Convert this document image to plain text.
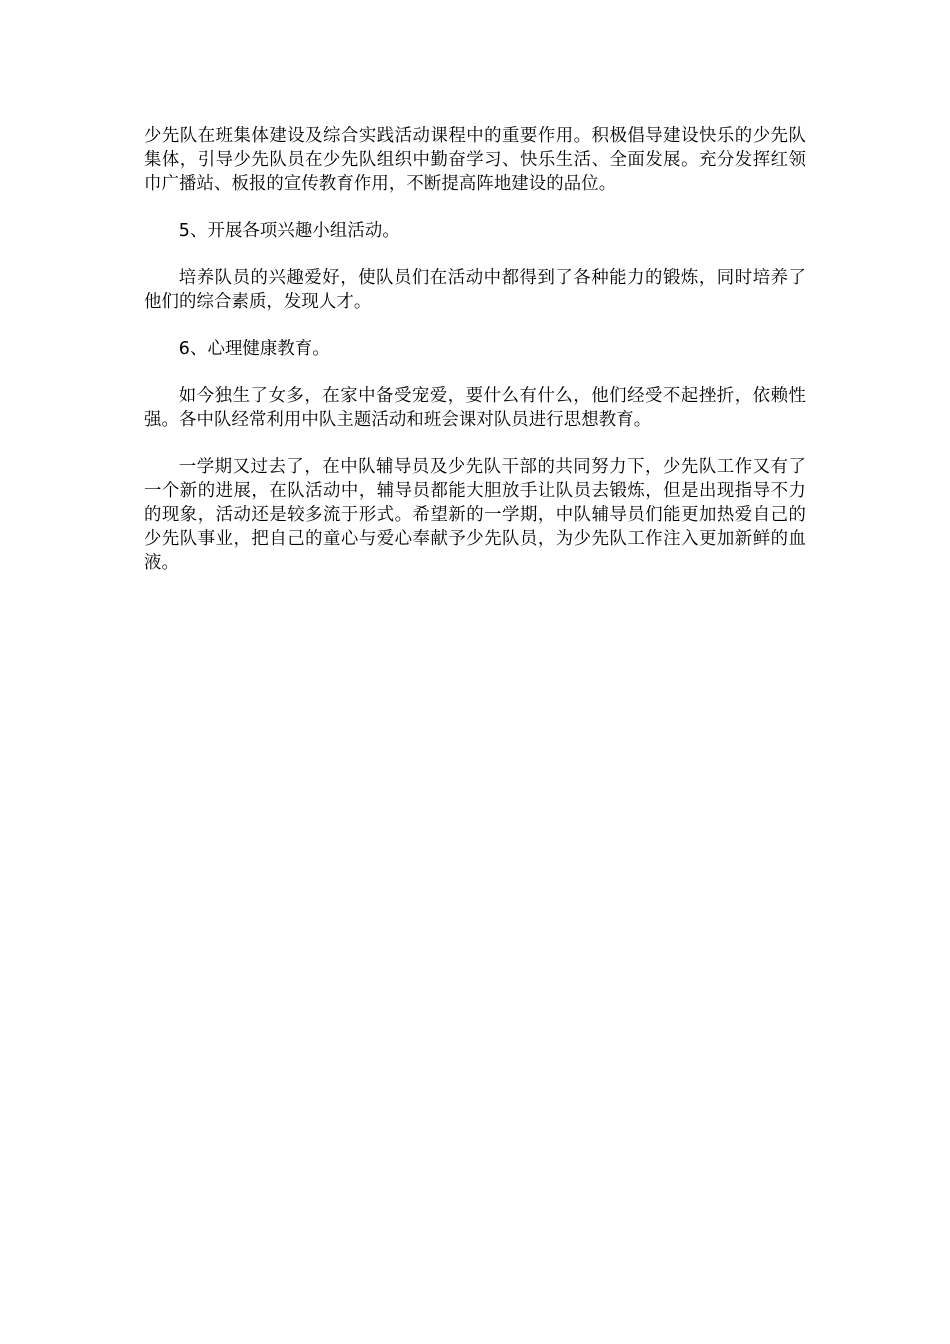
少先队在班集体建设及综合实践活动课程中的重要作用。积极倡导建设快乐的少先队集体，引导少先队员在少先队组织中勤奋学习、快乐生活、全面发展。充分发挥红领巾广播站、板报的宣传教育作用，不断提高阵地建设的品位。

5、开展各项兴趣小组活动。

培养队员的兴趣爱好，使队员们在活动中都得到了各种能力的锻炼，同时培养了他们的综合素质，发现人才。

6、心理健康教育。

如今独生了女多，在家中备受宠爱，要什么有什么，他们经受不起挫折，依赖性强。各中队经常利用中队主题活动和班会课对队员进行思想教育。

一学期又过去了，在中队辅导员及少先队干部的共同努力下，少先队工作又有了一个新的进展，在队活动中，辅导员都能大胆放手让队员去锻炼，但是出现指导不力的现象，活动还是较多流于形式。希望新的一学期，中队辅导员们能更加热爱自己的少先队事业，把自己的童心与爱心奉献予少先队员，为少先队工作注入更加新鲜的血液。
